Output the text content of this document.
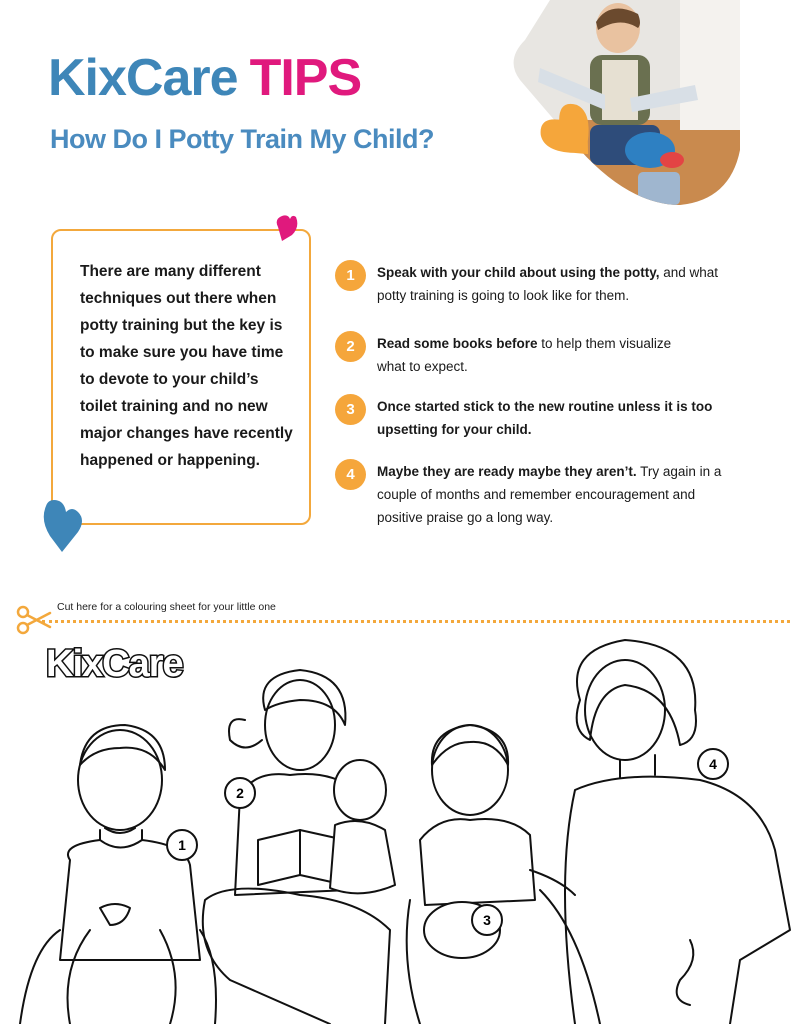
KixCare TIPS
How Do I Potty Train My Child?
There are many different techniques out there when potty training but the key is to make sure you have time to devote to your child’s toilet training and no new major changes have recently happened or happening.
1	Speak with your child about using the potty, and what potty training is going to look like for them.
2	Read some books before to help them visualize what to expect.
3	Once started stick to the new routine unless it is too upsetting for your child.
4	Maybe they are ready maybe they aren’t. Try again in a couple of months and remember encouragement and positive praise go a long way.
Cut here for a colouring sheet for your little one
1
2
3
4
KixCare
